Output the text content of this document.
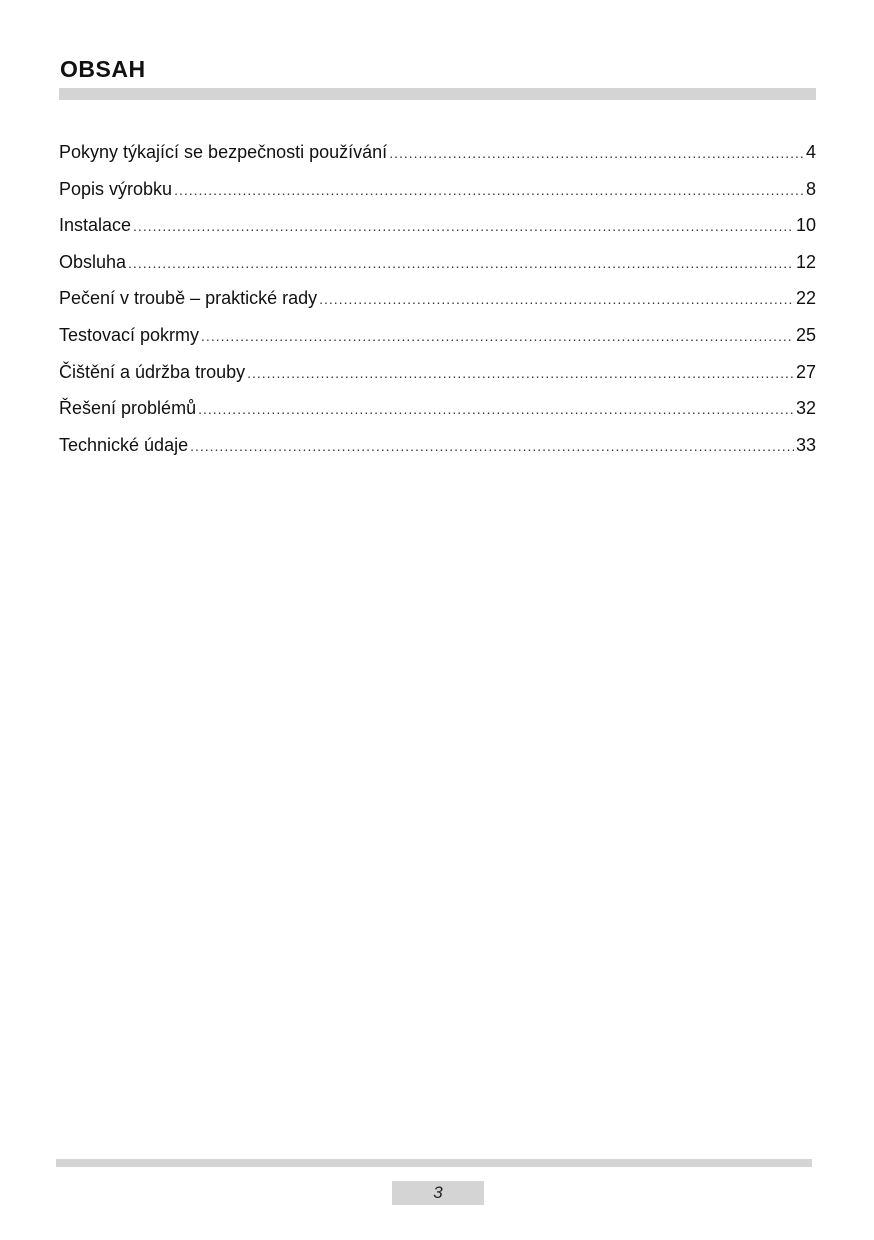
OBSAH
Pokyny týkající se bezpečnosti používání .....	4
Popis výrobku .....	8
Instalace .....	10
Obsluha .....	12
Pečení v troubě – praktické rady .....	22
Testovací pokrmy .....	25
Čištění a údržba trouby .....	27
Řešení problémů .....	32
Technické údaje .....	33
3
